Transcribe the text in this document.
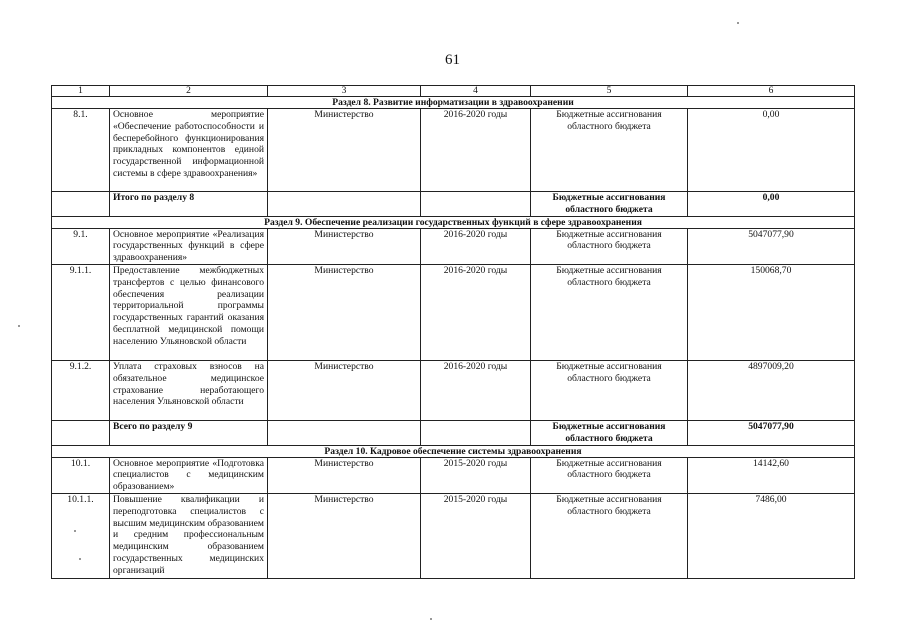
61
1	2	3	4	5	6
Раздел 8. Развитие информатизации в здравоохранении					
8.1.	Основное мероприятие «Обеспечение работоспособности и бесперебойного функционирования прикладных компонентов единой государственной информационной системы в сфере здравоохранения»	Министерство	2016-2020 годы	Бюджетные ассигнования областного бюджета	0,00
	Итого по разделу 8			Бюджетные ассигнования областного бюджета	0,00
Раздел 9. Обеспечение реализации государственных функций в сфере здравоохранения					
9.1.	Основное мероприятие «Реализация государственных функций в сфере здравоохранения»	Министерство	2016-2020 годы	Бюджетные ассигнования областного бюджета	5047077,90
9.1.1.	Предоставление межбюджетных трансфертов с целью финансового обеспечения реализации территориальной программы государственных гарантий оказания бесплатной медицинской помощи населению Ульяновской области	Министерство	2016-2020 годы	Бюджетные ассигнования областного бюджета	150068,70
9.1.2.	Уплата страховых взносов на обязательное медицинское страхование неработающего населения Ульяновской области	Министерство	2016-2020 годы	Бюджетные ассигнования областного бюджета	4897009,20
	Всего по разделу 9			Бюджетные ассигнования областного бюджета	5047077,90
Раздел 10. Кадровое обеспечение системы здравоохранения					
10.1.	Основное мероприятие «Подготовка специалистов с медицинским образованием»	Министерство	2015-2020 годы	Бюджетные ассигнования областного бюджета	14142,60
10.1.1.	Повышение квалификации и переподготовка специалистов с высшим медицинским образованием и средним профессиональным медицинским образованием государственных медицинских организаций	Министерство	2015-2020 годы	Бюджетные ассигнования областного бюджета	7486,00
